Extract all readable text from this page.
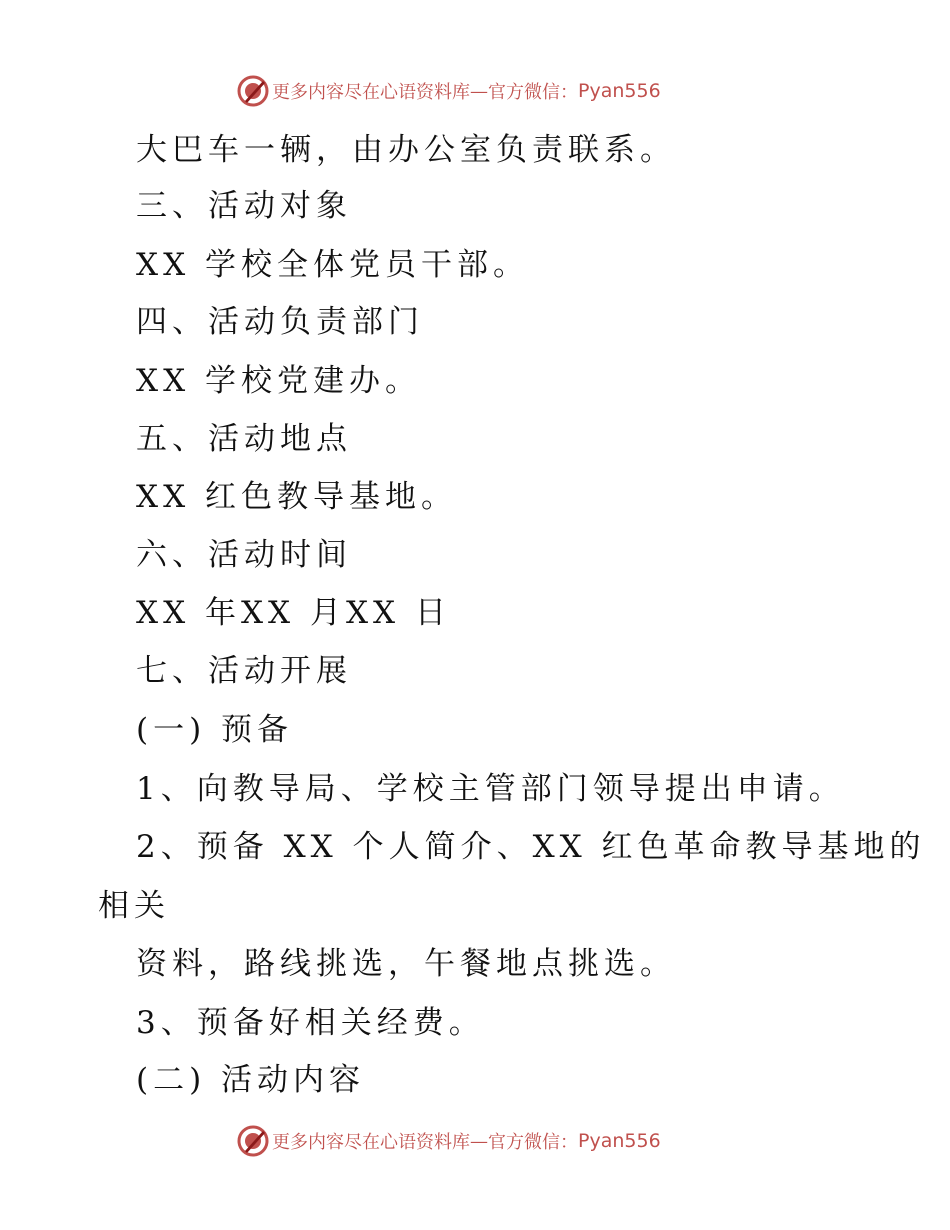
更多内容尽在心语资料库 — 官方微信： Pyan556
大巴车一辆，由办公室负责联系。
三、活动对象
XX 学校全体党员干部。
四、活动负责部门
XX 学校党建办。
五、活动地点
XX 红色教导基地。
六、活动时间
XX 年XX 月XX 日
七、活动开展
(一) 预备
1、向教导局、学校主管部门领导提出申请。
2、预备 XX 个人简介、XX 红色革命教导基地的
相关
资料，路线挑选，午餐地点挑选。
3、预备好相关经费。
(二) 活动内容
更多内容尽在心语资料库 — 官方微信： Pyan556
